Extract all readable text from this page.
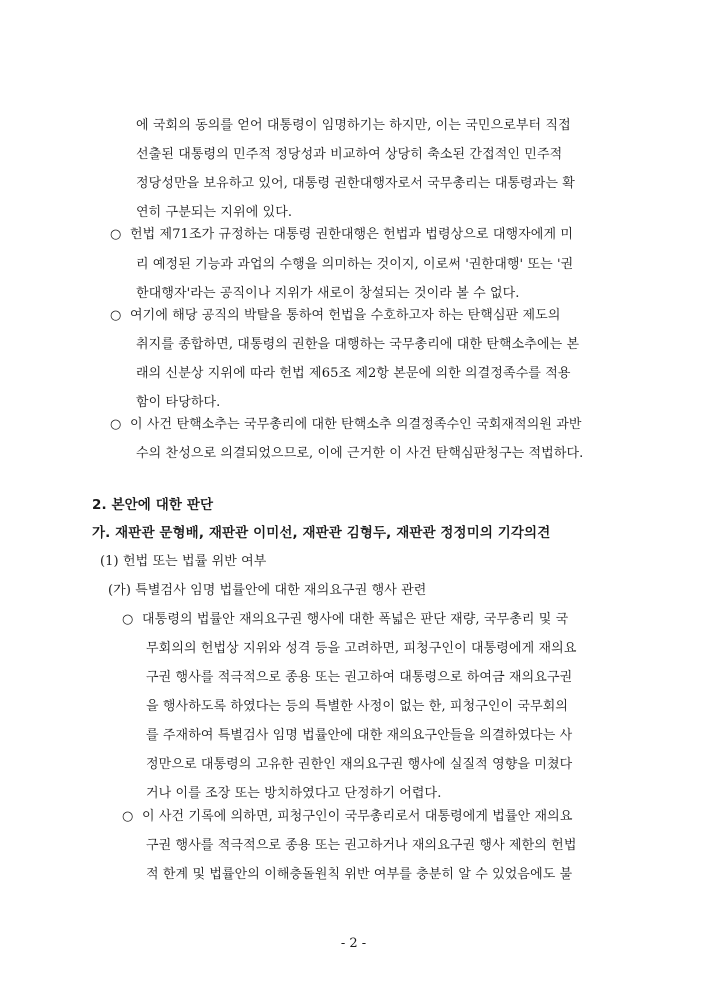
에 국회의 동의를 얻어 대통령이 임명하기는 하지만, 이는 국민으로부터 직접
선출된 대통령의 민주적 정당성과 비교하여 상당히 축소된 간접적인 민주적
정당성만을 보유하고 있어, 대통령 권한대행자로서 국무총리는 대통령과는 확
연히 구분되는 지위에 있다.
○ 헌법 제71조가 규정하는 대통령 권한대행은 헌법과 법령상으로 대행자에게 미
리 예정된 기능과 과업의 수행을 의미하는 것이지, 이로써 '권한대행' 또는 '권
한대행자'라는 공직이나 지위가 새로이 창설되는 것이라 볼 수 없다.
○ 여기에 해당 공직의 박탈을 통하여 헌법을 수호하고자 하는 탄핵심판 제도의
취지를 종합하면, 대통령의 권한을 대행하는 국무총리에 대한 탄핵소추에는 본
래의 신분상 지위에 따라 헌법 제65조 제2항 본문에 의한 의결정족수를 적용
함이 타당하다.
○ 이 사건 탄핵소추는 국무총리에 대한 탄핵소추 의결정족수인 국회재적의원 과반
수의 찬성으로 의결되었으므로, 이에 근거한 이 사건 탄핵심판청구는 적법하다.
2. 본안에 대한 판단
가. 재판관 문형배, 재판관 이미선, 재판관 김형두, 재판관 정정미의 기각의견
(1) 헌법 또는 법률 위반 여부
(가) 특별검사 임명 법률안에 대한 재의요구권 행사 관련
○ 대통령의 법률안 재의요구권 행사에 대한 폭넓은 판단 재량, 국무총리 및 국
무회의의 헌법상 지위와 성격 등을 고려하면, 피청구인이 대통령에게 재의요
구권 행사를 적극적으로 종용 또는 권고하여 대통령으로 하여금 재의요구권
을 행사하도록 하였다는 등의 특별한 사정이 없는 한, 피청구인이 국무회의
를 주재하여 특별검사 임명 법률안에 대한 재의요구안들을 의결하였다는 사
정만으로 대통령의 고유한 권한인 재의요구권 행사에 실질적 영향을 미쳤다
거나 이를 조장 또는 방치하였다고 단정하기 어렵다.
○ 이 사건 기록에 의하면, 피청구인이 국무총리로서 대통령에게 법률안 재의요
구권 행사를 적극적으로 종용 또는 권고하거나 재의요구권 행사 제한의 헌법
적 한계 및 법률안의 이해충돌원칙 위반 여부를 충분히 알 수 있었음에도 불
- 2 -
